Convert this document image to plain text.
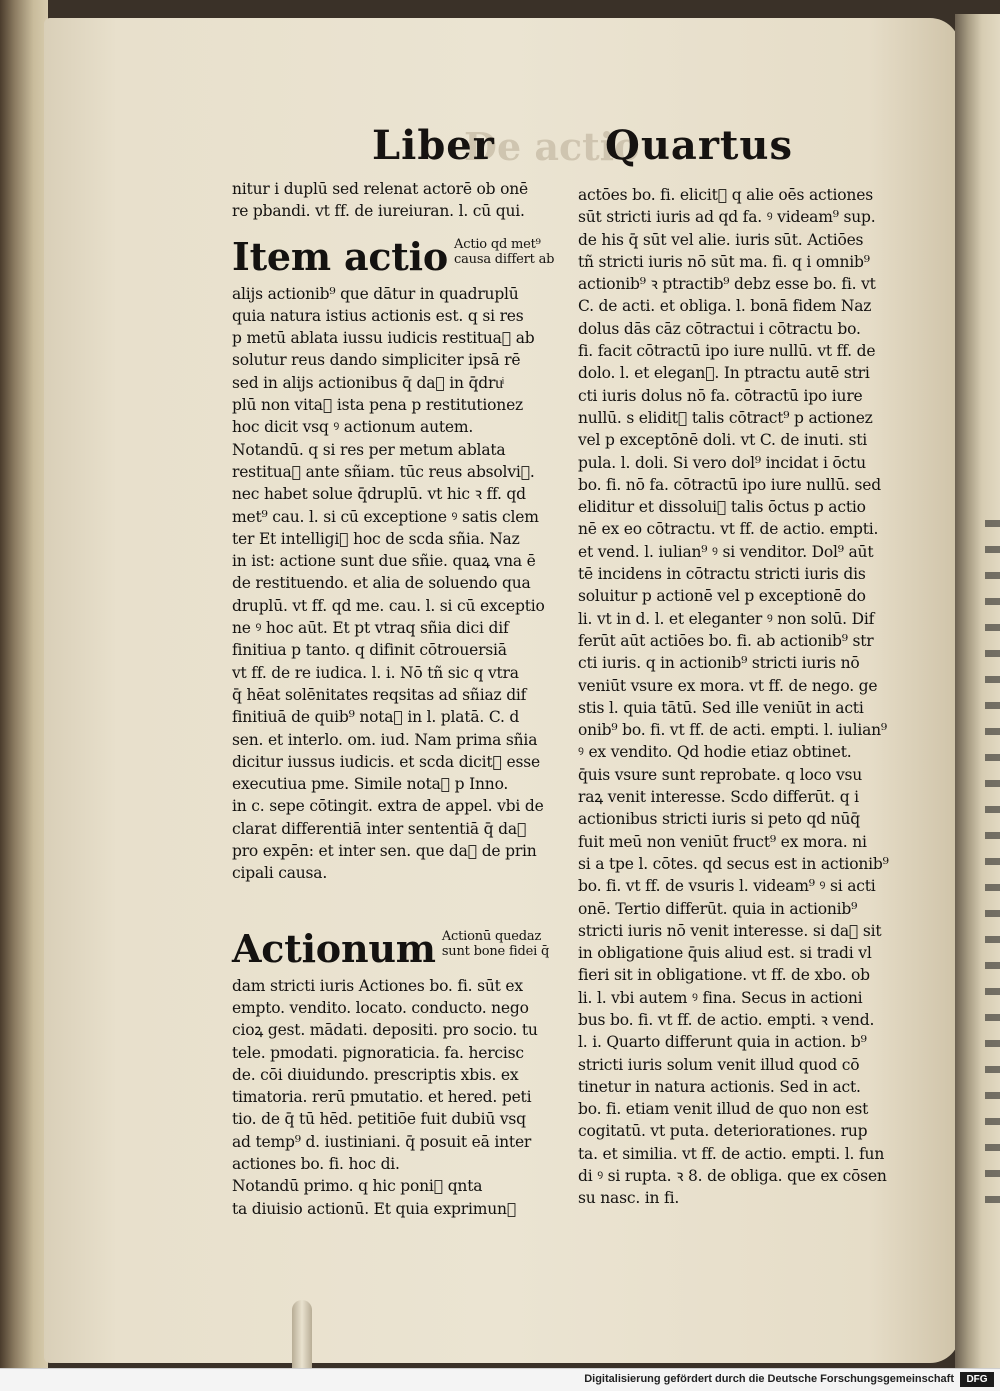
De actio
Liber	Quartus
nitur i duplū sed relenat actorē ob onē
re pbandi. vt ff. de iureiuran. l. cū qui.
Item actio Actio qd met⁹
causa differt ab
alijs actionib⁹ que dātur in quadruplū
quia natura istius actionis est. q si res
p metū ablata iussu iudicis restituaᷓ ab
solutur reus dando simpliciter ipsā rē
sed in alijs actionibus q̄ daᷓ in q̄druͥ
plū non vitaᷓ ista pena p restitutionez
hoc dicit vsq ꝰ actionum autem.
Notandū. q si res per metum ablata
restituaᷓ ante sñiam. tūc reus absolviᷓ.
nec habet solue q̄druplū. vt hic ꝛ ff. qd
met⁹ cau. l. si cū exceptione ꝰ satis clem
ter Et intelligiᷓ hoc de scda sñia. Naz
in ist: actione sunt due sñie. quaꝝ vna ē
de restituendo. et alia de soluendo qua
druplū. vt ff. qd me. cau. l. si cū exceptio
ne ꝰ hoc aūt. Et pt vtraq sñia dici dif
finitiua p tanto. q difinit cōtrouersiā
vt ff. de re iudica. l. i. Nō tñ sic q vtra
q̄ hēat solēnitates reqsitas ad sñiaz dif
finitiuā de quib⁹ notaᷓ in l. platā. C. d
sen. et interlo. om. iud. Nam prima sñia
dicitur iussus iudicis. et scda dicitᷓ esse
executiua pme. Simile notaᷓ p Inno.
in c. sepe cōtingit. extra de appel. vbi de
clarat differentiā inter sententiā q̄ daᷓ
pro expēn: et inter sen. que daᷓ de prin
cipali causa.
Actionum Actionū quedaz
sunt bone fidei q̄
dam stricti iuris Actiones bo. fi. sūt ex
empto. vendito. locato. conducto. nego
cioꝝ gest. mādati. depositi. pro socio. tu
tele. pmodati. pignoraticia. fa. hercisc
de. cōi diuidundo. prescriptis xbis. ex
timatoria. rerū pmutatio. et hered. peti
tio. de q̄ tū hēd. petitiōe fuit dubiū vsq
ad temp⁹ d. iustiniani. q̄ posuit eā inter
actiones bo. fi. hoc di.
Notandū primo. q hic poniᷓ qnta
ta diuisio actionū. Et quia exprimunᷓ
actōes bo. fi. elicitᷓ q alie oēs actiones
sūt stricti iuris ad qd fa. ꝰ videam⁹ sup.
de his q̄ sūt vel alie. iuris sūt. Actiōes
tñ stricti iuris nō sūt ma. fi. q i omnib⁹
actionib⁹ ꝛ ptractib⁹ debz esse bo. fi. vt
C. de acti. et obliga. l. bonā fidem Naz
dolus dās cāz cōtractui i cōtractu bo.
fi. facit cōtractū ipo iure nullū. vt ff. de
dolo. l. et eleganᷓ. In ptractu autē stri
cti iuris dolus nō fa. cōtractū ipo iure
nullū. s eliditᷓ talis cōtract⁹ p actionez
vel p exceptōnē doli. vt C. de inuti. sti
pula. l. doli. Si vero dol⁹ incidat i ōctu
bo. fi. nō fa. cōtractū ipo iure nullū. sed
eliditur et dissoluiᷓ talis ōctus p actio
nē ex eo cōtractu. vt ff. de actio. empti.
et vend. l. iulian⁹ ꝰ si venditor. Dol⁹ aūt
tē incidens in cōtractu stricti iuris dis
soluitur p actionē vel p exceptionē do
li. vt in d. l. et eleganter ꝰ non solū. Dif
ferūt aūt actiōes bo. fi. ab actionib⁹ str
cti iuris. q in actionib⁹ stricti iuris nō
veniūt vsure ex mora. vt ff. de nego. ge
stis l. quia tātū. Sed ille veniūt in acti
onib⁹ bo. fi. vt ff. de acti. empti. l. iulian⁹
ꝰ ex vendito. Qd hodie etiaz obtinet.
q̄uis vsure sunt reprobate. q loco vsu
raꝝ venit interesse. Scdo differūt. q i
actionibus stricti iuris si peto qd nūq̄
fuit meū non veniūt fruct⁹ ex mora. ni
si a tpe l. cōtes. qd secus est in actionib⁹
bo. fi. vt ff. de vsuris l. videam⁹ ꝰ si acti
onē. Tertio differūt. quia in actionib⁹
stricti iuris nō venit interesse. si daᷓ sit
in obligatione q̄uis aliud est. si tradi vl
fieri sit in obligatione. vt ff. de xbo. ob
li. l. vbi autem ꝰ fina. Secus in actioni
bus bo. fi. vt ff. de actio. empti. ꝛ vend.
l. i. Quarto differunt quia in action. b⁹
stricti iuris solum venit illud quod cō
tinetur in natura actionis. Sed in act.
bo. fi. etiam venit illud de quo non est
cogitatū. vt puta. deteriorationes. rup
ta. et similia. vt ff. de actio. empti. l. fun
di ꝰ si rupta. ꝛ 8. de obliga. que ex cōsen
su nasc. in fi.
Digitalisierung gefördert durch die Deutsche Forschungsgemeinschaft	DFG
